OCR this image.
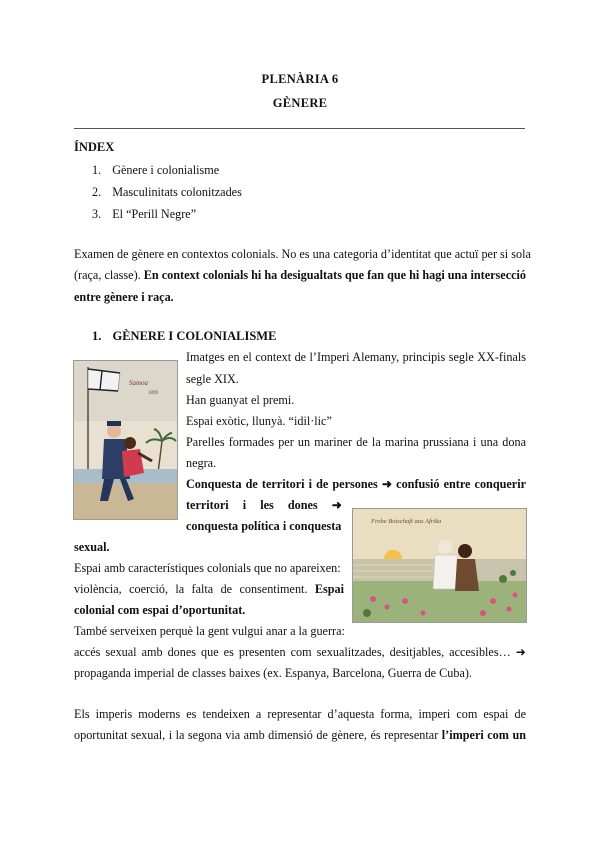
PLENÀRIA 6
GÈNERE
ÍNDEX
1. Gènere i colonialisme
2. Masculinitats colonitzades
3. El “Perill Negre”
Examen de gènere en contextos colonials. No es una categoria d’identitat que actuï per si sola
(raça, classe). En context colonials hi ha desigualtats que fan que hi hagi una intersecció
entre gènere i raça.
1. GÈNERE I COLONIALISME
Samoa
1899
Imatges en el context de l’Imperi Alemany, principis segle XX-finals
segle XIX.
Han guanyat el premi.
Espai exòtic, llunyà. “idil·lic”
Parelles formades per un mariner de la marina prussiana i una dona
negra.
Conquesta de territori i de persones ➜ confusió entre conquerir
territori i les dones ➜
conquesta política i conquesta
sexual.
Frohe Botschaft aus Afrika
Espai amb característiques colonials que no apareixen:
violència, coerció, la falta de consentiment. Espai
colonial com espai d’oportunitat.
També serveixen perquè la gent vulgui anar a la guerra:
accés sexual amb dones que es presenten com sexualitzades, desitjables, accesibles… ➜
propaganda imperial de classes baixes (ex. Espanya, Barcelona, Guerra de Cuba).
Els imperis moderns es tendeixen a representar d’aquesta forma, imperi com espai de
oportunitat sexual, i la segona via amb dimensió de gènere, és representar l’imperi com un
